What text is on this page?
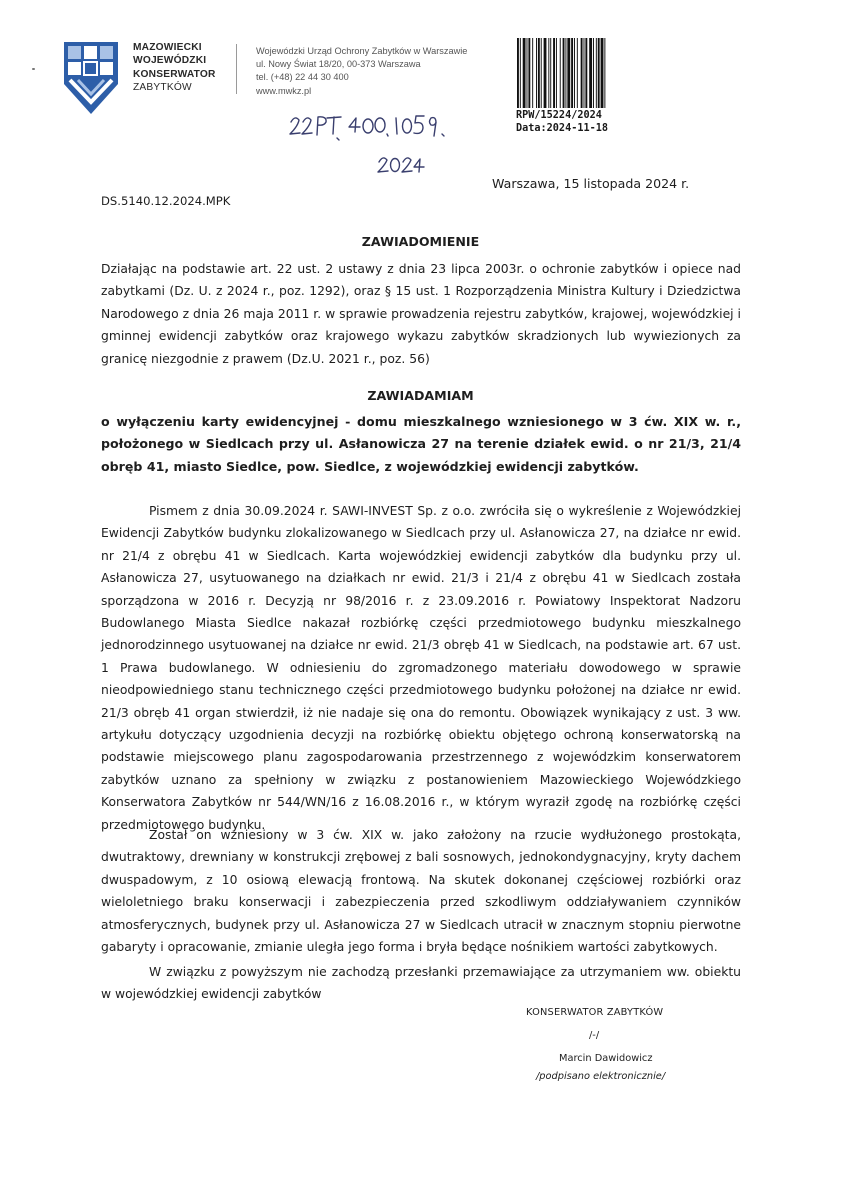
MAZOWIECKI
WOJEWÓDZKI
KONSERWATOR
ZABYTKÓW
Wojewódzki Urząd Ochrony Zabytków w Warszawie
ul. Nowy Świat 18/20, 00-373 Warszawa
tel. (+48) 22 44 30 400
www.mwkz.pl
RPW/15224/2024
Data:2024-11-18
Warszawa, 15 listopada 2024 r.
DS.5140.12.2024.MPK
ZAWIADOMIENIE
Działając na podstawie art. 22 ust. 2 ustawy z dnia 23 lipca 2003r. o ochronie zabytków i opiece nad zabytkami (Dz. U. z 2024 r., poz. 1292), oraz § 15 ust. 1 Rozporządzenia Ministra Kultury i Dziedzictwa Narodowego z dnia 26 maja 2011 r. w sprawie prowadzenia rejestru zabytków, krajowej, wojewódzkiej i gminnej ewidencji zabytków oraz krajowego wykazu zabytków skradzionych lub wywiezionych za granicę niezgodnie z prawem (Dz.U. 2021 r., poz. 56)
ZAWIADAMIAM
o wyłączeniu karty ewidencyjnej - domu mieszkalnego wzniesionego w 3 ćw. XIX w. r., położonego w Siedlcach przy ul. Asłanowicza 27 na terenie działek ewid. o nr 21/3, 21/4 obręb 41, miasto Siedlce, pow. Siedlce, z wojewódzkiej ewidencji zabytków.
Pismem z dnia 30.09.2024 r. SAWI-INVEST Sp. z o.o. zwróciła się o wykreślenie z Wojewódzkiej Ewidencji Zabytków budynku zlokalizowanego w Siedlcach przy ul. Asłanowicza 27, na działce nr ewid. nr 21/4 z obrębu 41 w Siedlcach. Karta wojewódzkiej ewidencji zabytków dla budynku przy ul. Asłanowicza 27, usytuowanego na działkach nr ewid. 21/3 i 21/4 z obrębu 41 w Siedlcach została sporządzona w 2016 r. Decyzją nr 98/2016 r. z 23.09.2016 r. Powiatowy Inspektorat Nadzoru Budowlanego Miasta Siedlce nakazał rozbiórkę części przedmiotowego budynku mieszkalnego jednorodzinnego usytuowanej na działce nr ewid. 21/3 obręb 41 w Siedlcach, na podstawie art. 67 ust. 1 Prawa budowlanego. W odniesieniu do zgromadzonego materiału dowodowego w sprawie nieodpowiedniego stanu technicznego części przedmiotowego budynku położonej na działce nr ewid. 21/3 obręb 41 organ stwierdził, iż nie nadaje się ona do remontu. Obowiązek wynikający z ust. 3 ww. artykułu dotyczący uzgodnienia decyzji na rozbiórkę obiektu objętego ochroną konserwatorską na podstawie miejscowego planu zagospodarowania przestrzennego z wojewódzkim konserwatorem zabytków uznano za spełniony w związku z postanowieniem Mazowieckiego Wojewódzkiego Konserwatora Zabytków nr 544/WN/16 z 16.08.2016 r., w którym wyraził zgodę na rozbiórkę części przedmiotowego budynku.
Został on wzniesiony w 3 ćw. XIX w. jako założony na rzucie wydłużonego prostokąta, dwutraktowy, drewniany w konstrukcji zrębowej z bali sosnowych, jednokondygnacyjny, kryty dachem dwuspadowym, z 10 osiową elewacją frontową. Na skutek dokonanej częściowej rozbiórki oraz wieloletniego braku konserwacji i zabezpieczenia przed szkodliwym oddziaływaniem czynników atmosferycznych, budynek przy ul. Asłanowicza 27 w Siedlcach utracił w znacznym stopniu pierwotne gabaryty i opracowanie, zmianie uległa jego forma i bryła będące nośnikiem wartości zabytkowych.
W związku z powyższym nie zachodzą przesłanki przemawiające za utrzymaniem ww. obiektu w wojewódzkiej ewidencji zabytków
KONSERWATOR ZABYTKÓW
/-/
Marcin Dawidowicz
/podpisano elektronicznie/
